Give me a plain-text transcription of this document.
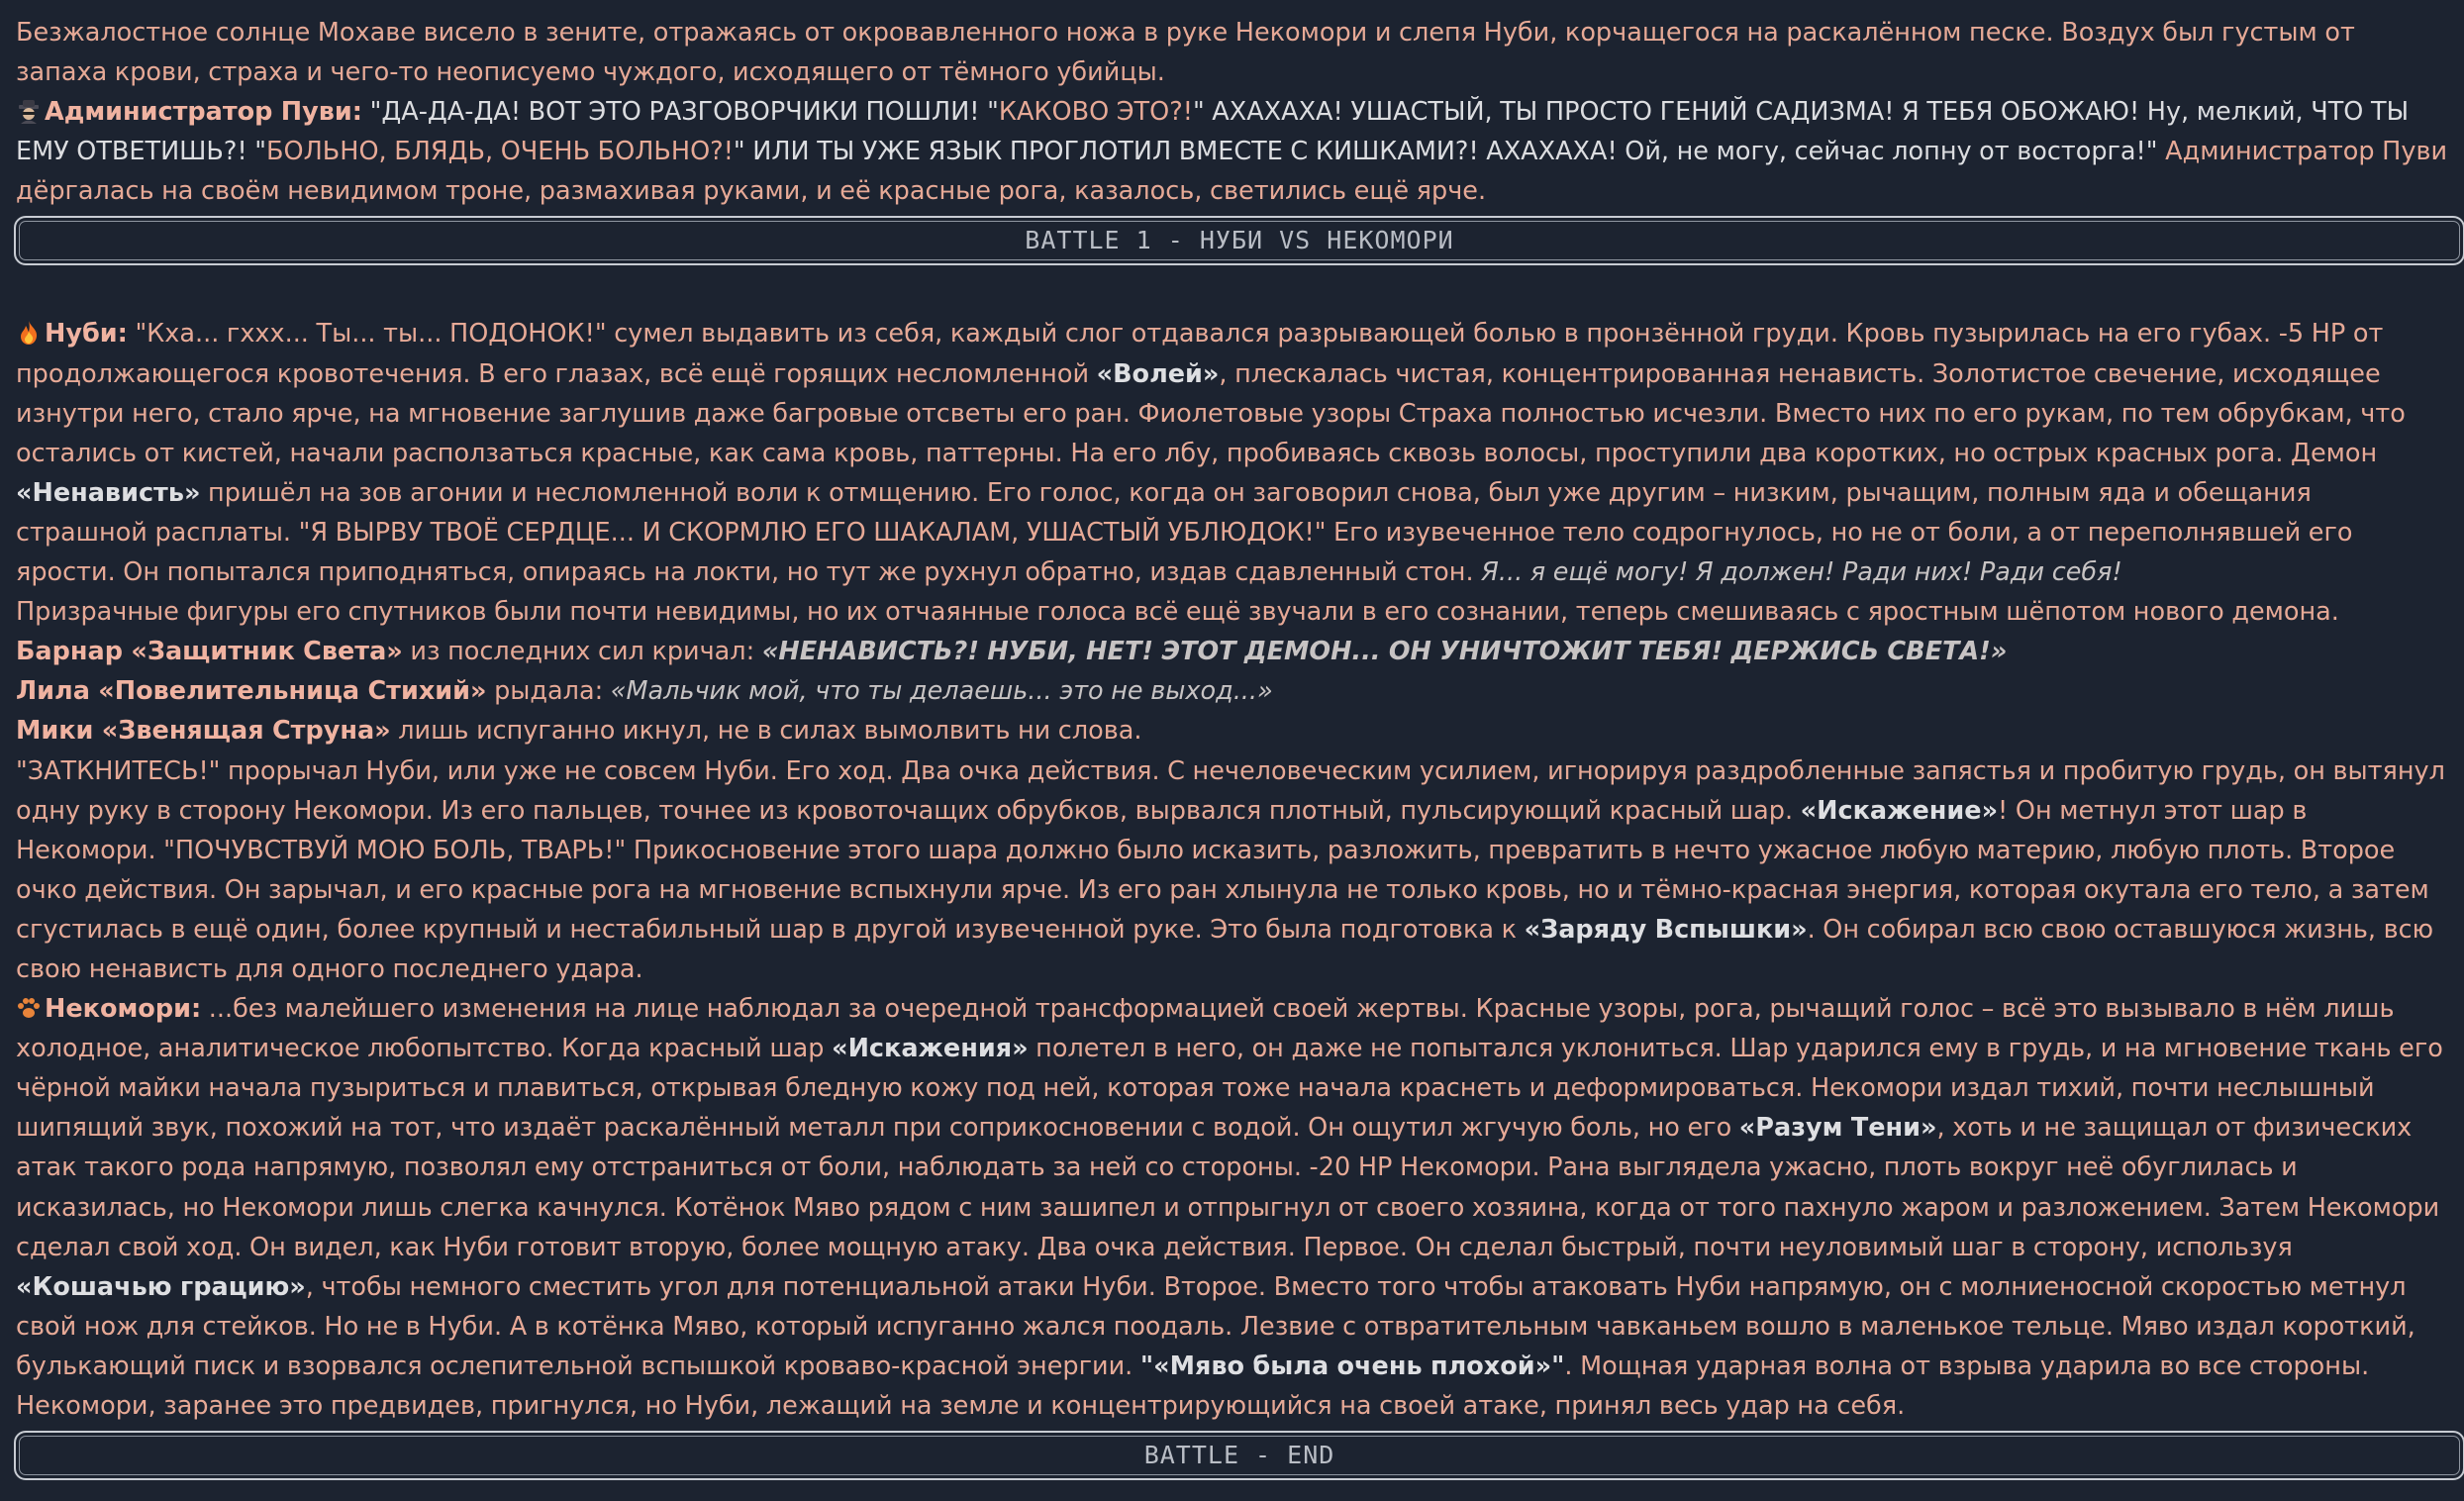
Безжалостное солнце Мохаве висело в зените, отражаясь от окровавленного ножа в руке Некомори и слепя Нуби, корчащегося на раскалённом песке. Воздух был густым от запаха крови, страха и чего-то неописуемо чуждого, исходящего от тёмного убийцы.

Администратор Пуви: "ДА-ДА-ДА! ВОТ ЭТО РАЗГОВОРЧИКИ ПОШЛИ! "КАКОВО ЭТО?!" АХАХАХА! УШАСТЫЙ, ТЫ ПРОСТО ГЕНИЙ САДИЗМА! Я ТЕБЯ ОБОЖАЮ! Ну, мелкий, ЧТО ТЫ ЕМУ ОТВЕТИШЬ?! "БОЛЬНО, БЛЯДЬ, ОЧЕНЬ БОЛЬНО?!" ИЛИ ТЫ УЖЕ ЯЗЫК ПРОГЛОТИЛ ВМЕСТЕ С КИШКАМИ?! АХАХАХА! Ой, не могу, сейчас лопну от восторга!" Администратор Пуви дёргалась на своём невидимом троне, размахивая руками, и её красные рога, казалось, светились ещё ярче.

BATTLE 1 - НУБИ VS НЕКОМОРИ

Нуби: "Кха... гххх... Ты... ты... ПОДОНОК!" сумел выдавить из себя, каждый слог отдавался разрывающей болью в пронзённой груди. Кровь пузырилась на его губах. -5 HP от продолжающегося кровотечения. В его глазах, всё ещё горящих несломленной «Волей», плескалась чистая, концентрированная ненависть. Золотистое свечение, исходящее изнутри него, стало ярче, на мгновение заглушив даже багровые отсветы его ран. Фиолетовые узоры Страха полностью исчезли. Вместо них по его рукам, по тем обрубкам, что остались от кистей, начали расползаться красные, как сама кровь, паттерны. На его лбу, пробиваясь сквозь волосы, проступили два коротких, но острых красных рога. Демон «Ненависть» пришёл на зов агонии и несломленной воли к отмщению. Его голос, когда он заговорил снова, был уже другим – низким, рычащим, полным яда и обещания страшной расплаты. "Я ВЫРВУ ТВОЁ СЕРДЦЕ... И СКОРМЛЮ ЕГО ШАКАЛАМ, УШАСТЫЙ УБЛЮДОК!" Его изувеченное тело содрогнулось, но не от боли, а от переполнявшей его ярости. Он попытался приподняться, опираясь на локти, но тут же рухнул обратно, издав сдавленный стон. Я... я ещё могу! Я должен! Ради них! Ради себя!

Призрачные фигуры его спутников были почти невидимы, но их отчаянные голоса всё ещё звучали в его сознании, теперь смешиваясь с яростным шёпотом нового демона.

Барнар «Защитник Света» из последних сил кричал: «НЕНАВИСТЬ?! НУБИ, НЕТ! ЭТОТ ДЕМОН... ОН УНИЧТОЖИТ ТЕБЯ! ДЕРЖИСЬ СВЕТА!»

Лила «Повелительница Стихий» рыдала: «Мальчик мой, что ты делаешь... это не выход...»

Мики «Звенящая Струна» лишь испуганно икнул, не в силах вымолвить ни слова.

"ЗАТКНИТЕСЬ!" прорычал Нуби, или уже не совсем Нуби. Его ход. Два очка действия. С нечеловеческим усилием, игнорируя раздробленные запястья и пробитую грудь, он вытянул одну руку в сторону Некомори. Из его пальцев, точнее из кровоточащих обрубков, вырвался плотный, пульсирующий красный шар. «Искажение»! Он метнул этот шар в Некомори. "ПОЧУВСТВУЙ МОЮ БОЛЬ, ТВАРЬ!" Прикосновение этого шара должно было исказить, разложить, превратить в нечто ужасное любую материю, любую плоть. Второе очко действия. Он зарычал, и его красные рога на мгновение вспыхнули ярче. Из его ран хлынула не только кровь, но и тёмно-красная энергия, которая окутала его тело, а затем сгустилась в ещё один, более крупный и нестабильный шар в другой изувеченной руке. Это была подготовка к «Заряду Вспышки». Он собирал всю свою оставшуюся жизнь, всю свою ненависть для одного последнего удара.

Некомори: ...без малейшего изменения на лице наблюдал за очередной трансформацией своей жертвы. Красные узоры, рога, рычащий голос – всё это вызывало в нём лишь холодное, аналитическое любопытство. Когда красный шар «Искажения» полетел в него, он даже не попытался уклониться. Шар ударился ему в грудь, и на мгновение ткань его чёрной майки начала пузыриться и плавиться, открывая бледную кожу под ней, которая тоже начала краснеть и деформироваться. Некомори издал тихий, почти неслышный шипящий звук, похожий на тот, что издаёт раскалённый металл при соприкосновении с водой. Он ощутил жгучую боль, но его «Разум Тени», хоть и не защищал от физических атак такого рода напрямую, позволял ему отстраниться от боли, наблюдать за ней со стороны. -20 HP Некомори. Рана выглядела ужасно, плоть вокруг неё обуглилась и исказилась, но Некомори лишь слегка качнулся. Котёнок Мяво рядом с ним зашипел и отпрыгнул от своего хозяина, когда от того пахнуло жаром и разложением. Затем Некомори сделал свой ход. Он видел, как Нуби готовит вторую, более мощную атаку. Два очка действия. Первое. Он сделал быстрый, почти неуловимый шаг в сторону, используя «Кошачью грацию», чтобы немного сместить угол для потенциальной атаки Нуби. Второе. Вместо того чтобы атаковать Нуби напрямую, он с молниеносной скоростью метнул свой нож для стейков. Но не в Нуби. А в котёнка Мяво, который испуганно жался поодаль. Лезвие с отвратительным чавканьем вошло в маленькое тельце. Мяво издал короткий, булькающий писк и взорвался ослепительной вспышкой кроваво-красной энергии. "«Мяво была очень плохой»". Мощная ударная волна от взрыва ударила во все стороны. Некомори, заранее это предвидев, пригнулся, но Нуби, лежащий на земле и концентрирующийся на своей атаке, принял весь удар на себя.

BATTLE - END
